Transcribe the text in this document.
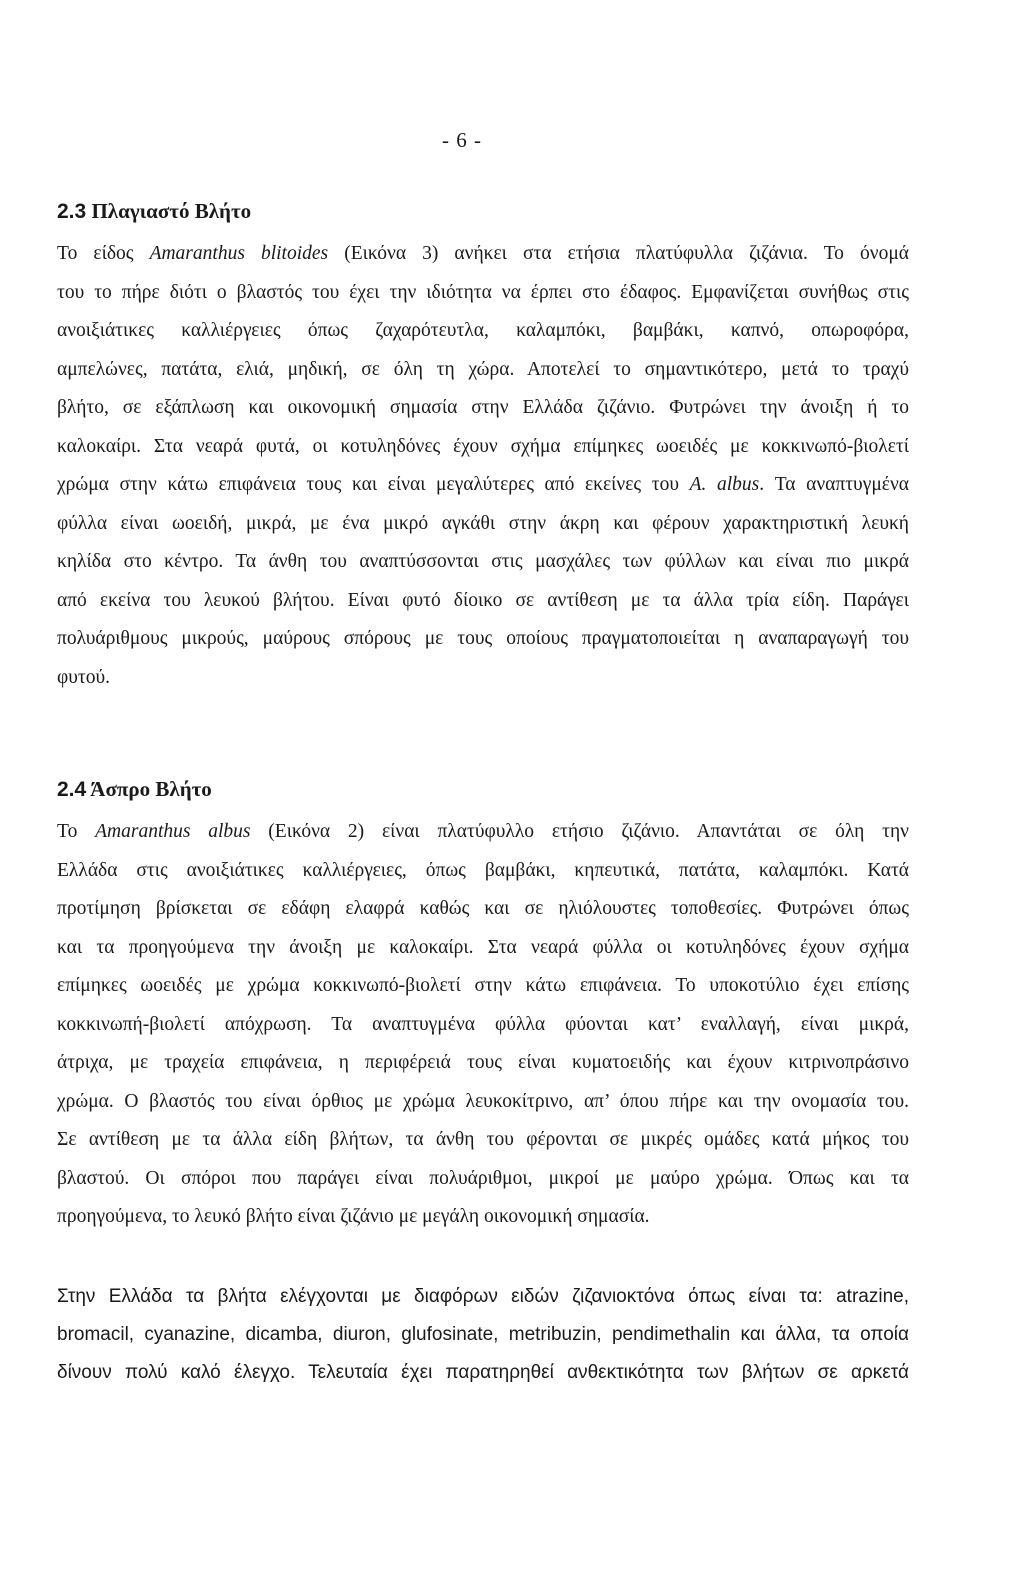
- 6 -
2.3 Πλαγιαστό Βλήτο
Το είδος Amaranthus blitoides (Εικόνα 3) ανήκει στα ετήσια πλατύφυλλα ζιζάνια. Το όνομά
του το πήρε διότι ο βλαστός του έχει την ιδιότητα να έρπει στο έδαφος. Εμφανίζεται συνήθως στις
ανοιξιάτικες καλλιέργειες όπως ζαχαρότευτλα, καλαμπόκι, βαμβάκι, καπνό, οπωροφόρα,
αμπελώνες, πατάτα, ελιά, μηδική, σε όλη τη χώρα. Αποτελεί το σημαντικότερο, μετά το τραχύ
βλήτο, σε εξάπλωση και οικονομική σημασία στην Ελλάδα ζιζάνιο. Φυτρώνει την άνοιξη ή το
καλοκαίρι. Στα νεαρά φυτά, οι κοτυληδόνες έχουν σχήμα επίμηκες ωοειδές με κοκκινωπό-βιολετί
χρώμα στην κάτω επιφάνεια τους και είναι μεγαλύτερες από εκείνες του A. albus. Τα αναπτυγμένα
φύλλα είναι ωοειδή, μικρά, με ένα μικρό αγκάθι στην άκρη και φέρουν χαρακτηριστική λευκή
κηλίδα στο κέντρο. Τα άνθη του αναπτύσσονται στις μασχάλες των φύλλων και είναι πιο μικρά
από εκείνα του λευκού βλήτου. Είναι φυτό δίοικο σε αντίθεση με τα άλλα τρία είδη. Παράγει
πολυάριθμους μικρούς, μαύρους σπόρους με τους οποίους πραγματοποιείται η αναπαραγωγή του
φυτού.
2.4 Άσπρο Βλήτο
Το Amaranthus albus (Εικόνα 2) είναι πλατύφυλλο ετήσιο ζιζάνιο. Απαντάται σε όλη την
Ελλάδα στις ανοιξιάτικες καλλιέργειες, όπως βαμβάκι, κηπευτικά, πατάτα, καλαμπόκι. Κατά
προτίμηση βρίσκεται σε εδάφη ελαφρά καθώς και σε ηλιόλουστες τοποθεσίες. Φυτρώνει όπως
και τα προηγούμενα την άνοιξη με καλοκαίρι. Στα νεαρά φύλλα οι κοτυληδόνες έχουν σχήμα
επίμηκες ωοειδές με χρώμα κοκκινωπό-βιολετί στην κάτω επιφάνεια. Το υποκοτύλιο έχει επίσης
κοκκινωπή-βιολετί απόχρωση. Τα αναπτυγμένα φύλλα φύονται κατ’ εναλλαγή, είναι μικρά,
άτριχα, με τραχεία επιφάνεια, η περιφέρειά τους είναι κυματοειδής και έχουν κιτρινοπράσινο
χρώμα. Ο βλαστός του είναι όρθιος με χρώμα λευκοκίτρινο, απ’ όπου πήρε και την ονομασία του.
Σε αντίθεση με τα άλλα είδη βλήτων, τα άνθη του φέρονται σε μικρές ομάδες κατά μήκος του
βλαστού. Οι σπόροι που παράγει είναι πολυάριθμοι, μικροί με μαύρο χρώμα. Όπως και τα
προηγούμενα, το λευκό βλήτο είναι ζιζάνιο με μεγάλη οικονομική σημασία.
Στην Ελλάδα τα βλήτα ελέγχονται με διαφόρων ειδών ζιζανιοκτόνα όπως είναι τα: atrazine,
bromacil, cyanazine, dicamba, diuron, glufosinate, metribuzin, pendimethalin και άλλα, τα οποία
δίνουν πολύ καλό έλεγχο. Τελευταία έχει παρατηρηθεί ανθεκτικότητα των βλήτων σε αρκετά
